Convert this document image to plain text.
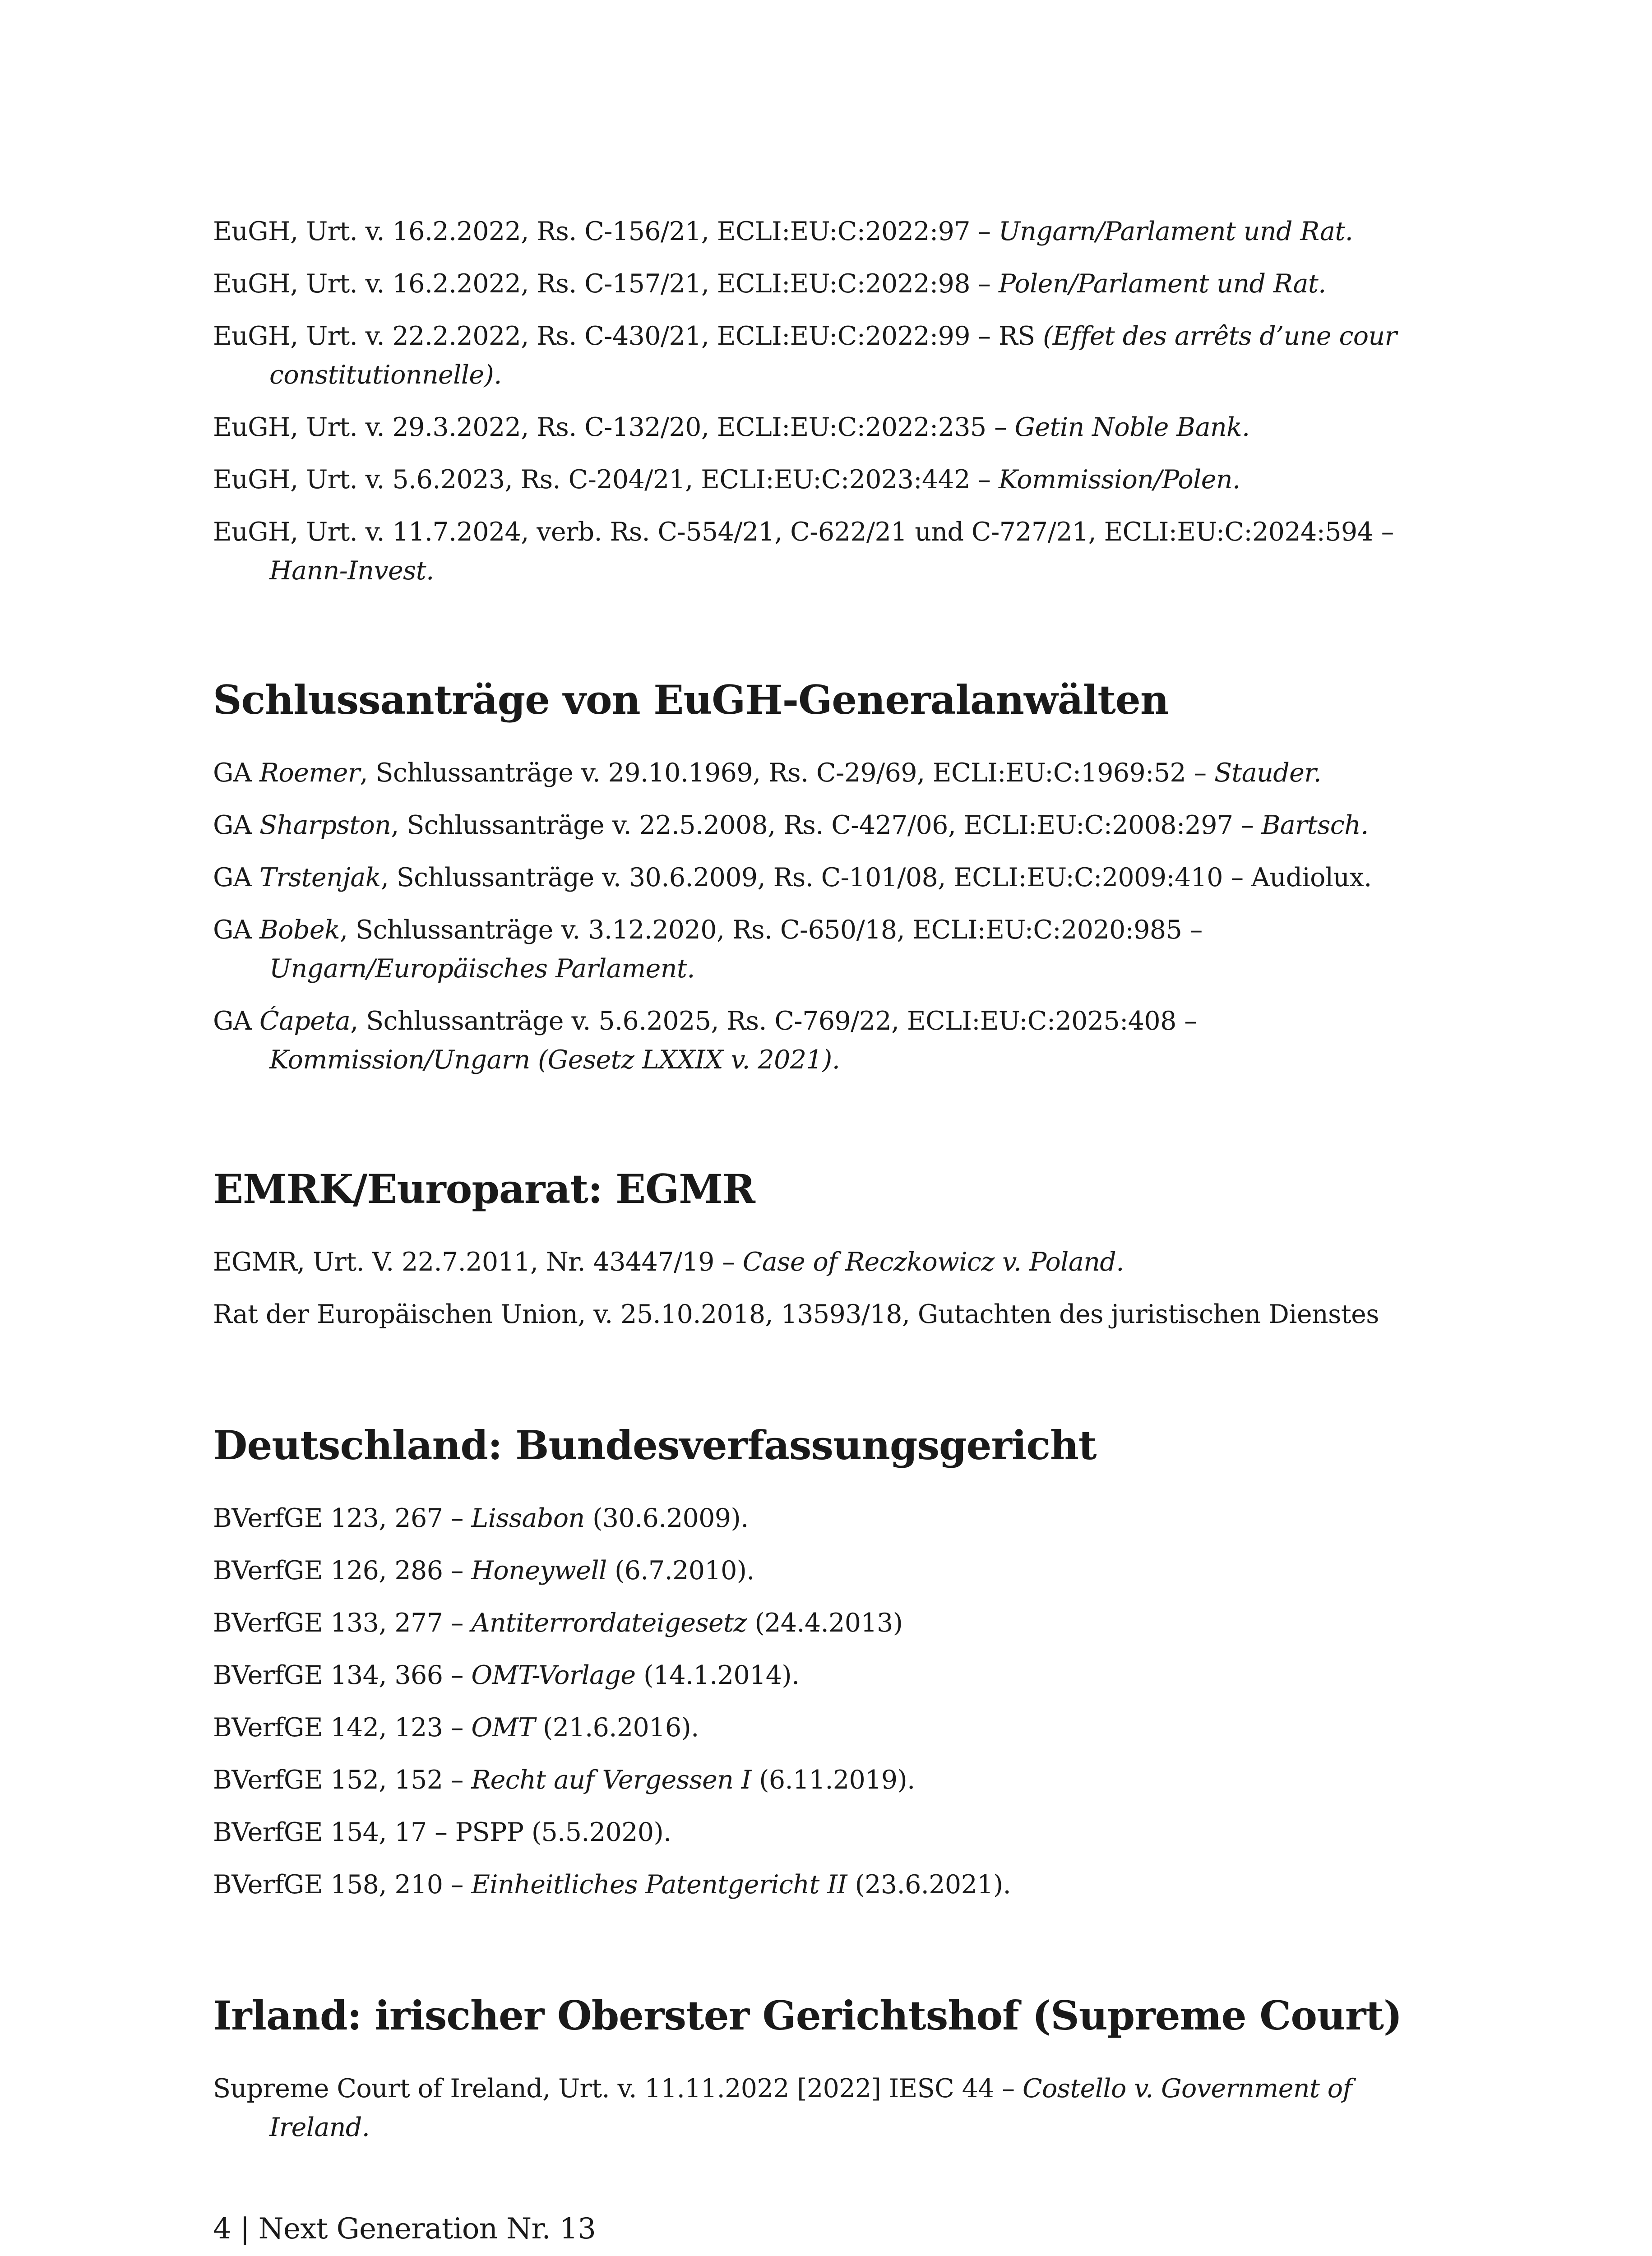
EuGH, Urt. v. 16.2.2022, Rs. C-156/21, ECLI:EU:C:2022:97 – Ungarn/Parlament und Rat.

EuGH, Urt. v. 16.2.2022, Rs. C-157/21, ECLI:EU:C:2022:98 – Polen/Parlament und Rat.

EuGH, Urt. v. 22.2.2022, Rs. C-430/21, ECLI:EU:C:2022:99 – RS (Effet des arrêts d’une cour constitutionnelle).

EuGH, Urt. v. 29.3.2022, Rs. C-132/20, ECLI:EU:C:2022:235 – Getin Noble Bank.

EuGH, Urt. v. 5.6.2023, Rs. C-204/21, ECLI:EU:C:2023:442 – Kommission/Polen.

EuGH, Urt. v. 11.7.2024, verb. Rs. C-554/21, C-622/21 und C-727/21, ECLI:EU:C:2024:594 – Hann-Invest.

Schlussanträge von EuGH-Generalanwälten

GA Roemer, Schlussanträge v. 29.10.1969, Rs. C-29/69, ECLI:EU:C:1969:52 – Stauder.

GA Sharpston, Schlussanträge v. 22.5.2008, Rs. C-427/06, ECLI:EU:C:2008:297 – Bartsch.

GA Trstenjak, Schlussanträge v. 30.6.2009, Rs. C-101/08, ECLI:EU:C:2009:410 – Audiolux.

GA Bobek, Schlussanträge v. 3.12.2020, Rs. C-650/18, ECLI:EU:C:2020:985 – Ungarn/Europäisches Parlament.

GA Ćapeta, Schlussanträge v. 5.6.2025, Rs. C-769/22, ECLI:EU:C:2025:408 – Kommission/Ungarn (Gesetz LXXIX v. 2021).

EMRK/Europarat: EGMR

EGMR, Urt. V. 22.7.2011, Nr. 43447/19 – Case of Reczkowicz v. Poland.

Rat der Europäischen Union, v. 25.10.2018, 13593/18, Gutachten des juristischen Dienstes

Deutschland: Bundesverfassungsgericht

BVerfGE 123, 267 – Lissabon (30.6.2009).

BVerfGE 126, 286 – Honeywell (6.7.2010).

BVerfGE 133, 277 – Antiterrordateigesetz (24.4.2013)

BVerfGE 134, 366 – OMT-Vorlage (14.1.2014).

BVerfGE 142, 123 – OMT (21.6.2016).

BVerfGE 152, 152 – Recht auf Vergessen I (6.11.2019).

BVerfGE 154, 17 – PSPP (5.5.2020).

BVerfGE 158, 210 – Einheitliches Patentgericht II (23.6.2021).

Irland: irischer Oberster Gerichtshof (Supreme Court)

Supreme Court of Ireland, Urt. v. 11.11.2022 [2022] IESC 44 – Costello v. Government of Ireland.

4 | Next Generation Nr. 13
